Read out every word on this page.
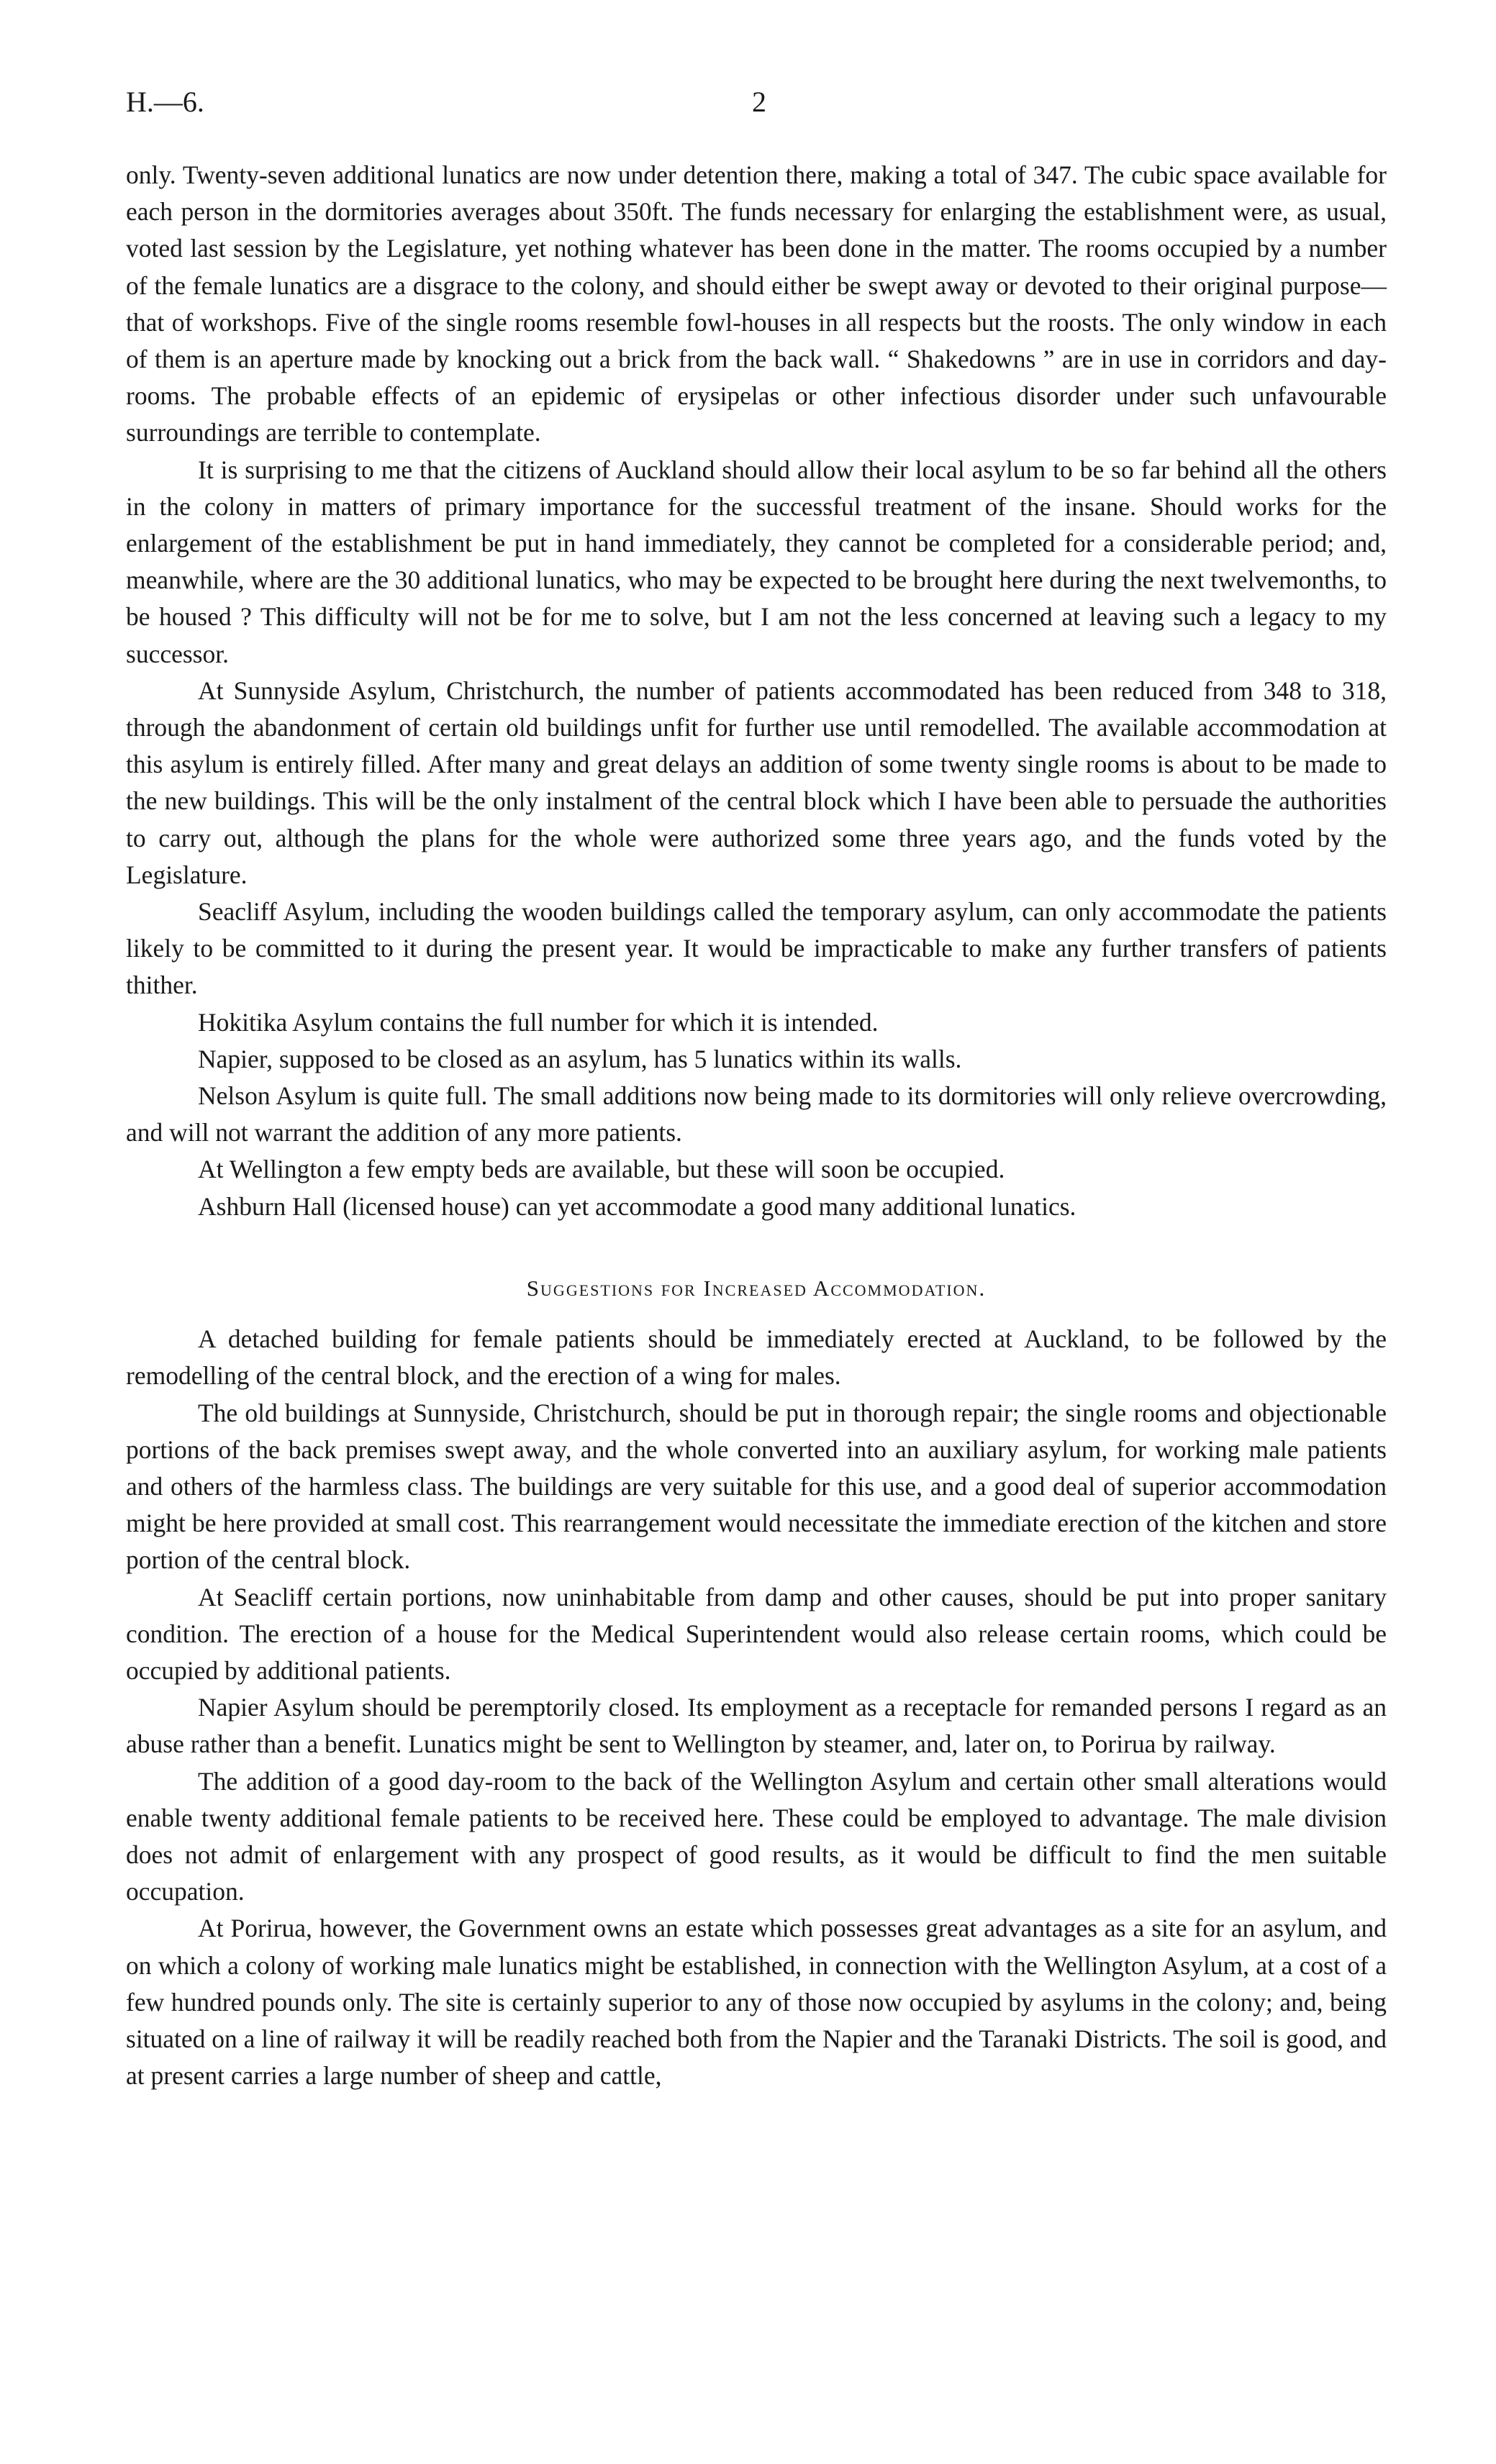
H.—6.	2

only. Twenty-seven additional lunatics are now under detention there, making a total of 347. The cubic space available for each person in the dormitories averages about 350ft. The funds necessary for enlarging the establishment were, as usual, voted last session by the Legislature, yet nothing whatever has been done in the matter. The rooms occupied by a number of the female lunatics are a disgrace to the colony, and should either be swept away or devoted to their original purpose—that of workshops. Five of the single rooms resemble fowl-houses in all respects but the roosts. The only window in each of them is an aperture made by knocking out a brick from the back wall. “ Shakedowns ” are in use in corridors and day-rooms. The probable effects of an epidemic of erysipelas or other infectious disorder under such unfavourable surroundings are terrible to contemplate.

It is surprising to me that the citizens of Auckland should allow their local asylum to be so far behind all the others in the colony in matters of primary importance for the successful treatment of the insane. Should works for the enlargement of the establishment be put in hand immediately, they cannot be completed for a considerable period; and, meanwhile, where are the 30 additional lunatics, who may be expected to be brought here during the next twelvemonths, to be housed ? This difficulty will not be for me to solve, but I am not the less concerned at leaving such a legacy to my successor.

At Sunnyside Asylum, Christchurch, the number of patients accommodated has been reduced from 348 to 318, through the abandonment of certain old buildings unfit for further use until remodelled. The available accommodation at this asylum is entirely filled. After many and great delays an addition of some twenty single rooms is about to be made to the new buildings. This will be the only instalment of the central block which I have been able to persuade the authorities to carry out, although the plans for the whole were authorized some three years ago, and the funds voted by the Legislature.

Seacliff Asylum, including the wooden buildings called the temporary asylum, can only accommodate the patients likely to be committed to it during the present year. It would be impracticable to make any further transfers of patients thither.

Hokitika Asylum contains the full number for which it is intended.

Napier, supposed to be closed as an asylum, has 5 lunatics within its walls.

Nelson Asylum is quite full. The small additions now being made to its dormitories will only relieve overcrowding, and will not warrant the addition of any more patients.

At Wellington a few empty beds are available, but these will soon be occupied.

Ashburn Hall (licensed house) can yet accommodate a good many additional lunatics.

Suggestions for Increased Accommodation.

A detached building for female patients should be immediately erected at Auckland, to be followed by the remodelling of the central block, and the erection of a wing for males.

The old buildings at Sunnyside, Christchurch, should be put in thorough repair; the single rooms and objectionable portions of the back premises swept away, and the whole converted into an auxiliary asylum, for working male patients and others of the harmless class. The buildings are very suitable for this use, and a good deal of superior accommodation might be here provided at small cost. This rearrangement would necessitate the immediate erection of the kitchen and store portion of the central block.

At Seacliff certain portions, now uninhabitable from damp and other causes, should be put into proper sanitary condition. The erection of a house for the Medical Superintendent would also release certain rooms, which could be occupied by additional patients.

Napier Asylum should be peremptorily closed. Its employment as a receptacle for remanded persons I regard as an abuse rather than a benefit. Lunatics might be sent to Wellington by steamer, and, later on, to Porirua by railway.

The addition of a good day-room to the back of the Wellington Asylum and certain other small alterations would enable twenty additional female patients to be received here. These could be employed to advantage. The male division does not admit of enlargement with any prospect of good results, as it would be difficult to find the men suitable occupation.

At Porirua, however, the Government owns an estate which possesses great advantages as a site for an asylum, and on which a colony of working male lunatics might be established, in connection with the Wellington Asylum, at a cost of a few hundred pounds only. The site is certainly superior to any of those now occupied by asylums in the colony; and, being situated on a line of railway it will be readily reached both from the Napier and the Taranaki Districts. The soil is good, and at present carries a large number of sheep and cattle,
